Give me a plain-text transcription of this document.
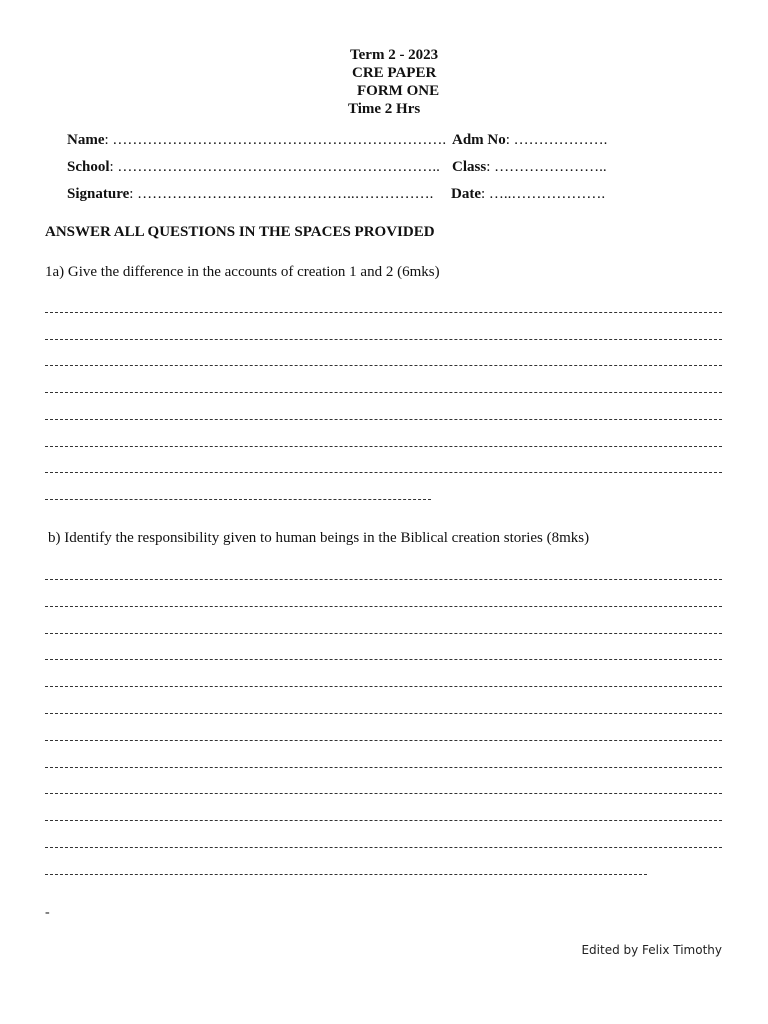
Term 2 - 2023
CRE PAPER
FORM ONE
Time 2 Hrs
Name: …………………………………………………………. Adm No: ……………….
School: ……………………………………………………….. Class: …………………..
Signature: ……………………………………..……………. Date: …..……………….
ANSWER ALL QUESTIONS IN THE SPACES PROVIDED
1a) Give the difference in the accounts of creation 1 and 2 (6mks)
b) Identify the responsibility given to human beings in the Biblical creation stories (8mks)
-
Edited by Felix Timothy
